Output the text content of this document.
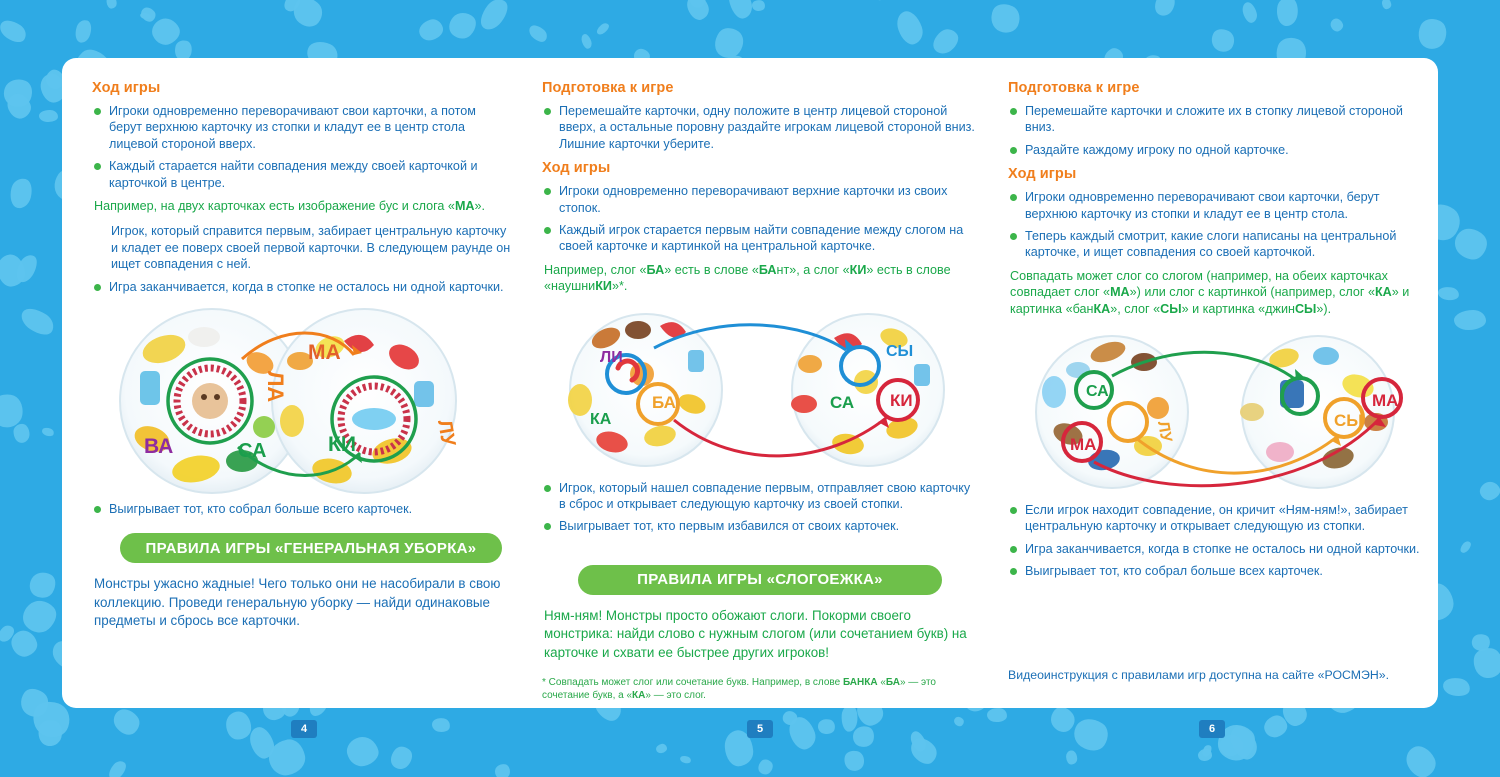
Ход игры
Игроки одновременно переворачивают свои карточки, а потом берут верхнюю карточку из стопки и кладут ее в центр стола лицевой стороной вверх.
Каждый старается найти совпадения между своей карточкой и карточкой в центре.

Например, на двух карточках есть изображение бус и слога «МА».

Игрок, который справится первым, забирает центральную карточку и кладет ее поверх своей первой карточки. В следующем раунде он ищет совпадения с ней.

Игра заканчивается, когда в стопке не осталось ни одной карточки.
ЛА
ВА	СА
МА
КИ	ЛУ
Выигрывает тот, кто собрал больше всего карточек.
ПРАВИЛА ИГРЫ «ГЕНЕРАЛЬНАЯ УБОРКА»

Монстры ужасно жадные! Чего только они не насобирали в свою коллекцию. Проведи генеральную уборку — найди одинаковые предметы и сбрось все карточки.

4
Подготовка к игре
Перемешайте карточки, одну положите в центр лицевой стороной вверх, а остальные поровну раздайте игрокам лицевой стороной вниз. Лишние карточки уберите.
Ход игры
Игроки одновременно переворачивают верхние карточки из своих стопок.
Каждый игрок старается первым найти совпадение между слогом на своей карточке и картинкой на центральной карточке.

Например, слог «БА» есть в слове «БАнт», а слог «КИ» есть в слове «наушниКИ»*.

ЛИ
БА
КА
СЫ
СА КИ
Игрок, который нашел совпадение первым, отправляет свою карточку в сброс и открывает следующую карточку из своей стопки.
Выигрывает тот, кто первым избавился от своих карточек.
ПРАВИЛА ИГРЫ «СЛОГОЕЖКА»

Ням-ням! Монстры просто обожают слоги. Покорми своего монстрика: найди слово с нужным слогом (или сочетанием букв) на карточке и схвати ее быстрее других игроков!

* Совпадать может слог или сочетание букв. Например, в слове БАНКА «БА» — это сочетание букв, а «КА» — это слог.

5
Подготовка к игре
Перемешайте карточки и сложите их в стопку лицевой стороной вниз.
Раздайте каждому игроку по одной карточке.
Ход игры
Игроки одновременно переворачивают свои карточки, берут верхнюю карточку из стопки и кладут ее в центр стола.
Теперь каждый смотрит, какие слоги написаны на центральной карточке, и ищет совпадения со своей карточкой.

Совпадать может слог со слогом (например, на обеих карточках совпадает слог «МА») или слог с картинкой (например, слог «КА» и картинка «банКА», слог «СЫ» и картинка «джинСЫ»).

СА
МА
ЛУ
МА
СЫ
Если игрок находит совпадение, он кричит «Ням-ням!», забирает центральную карточку и открывает следующую из стопки.
Игра заканчивается, когда в стопке не осталось ни одной карточки.
Выигрывает тот, кто собрал больше всех карточек.

Видеоинструкция с правилами игр доступна на сайте «РОСМЭН».

6
